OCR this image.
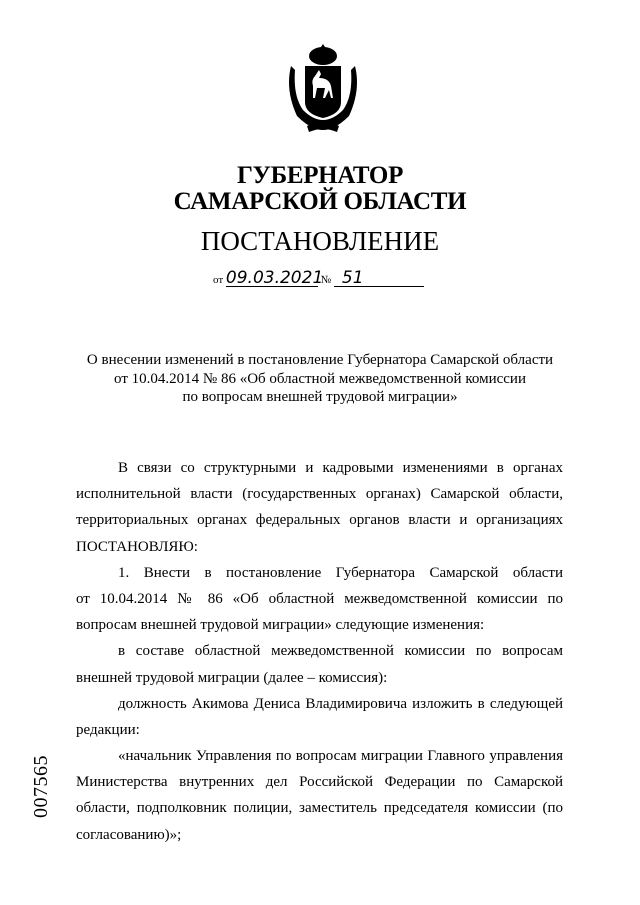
ГУБЕРНАТОР
САМАРСКОЙ ОБЛАСТИ
ПОСТАНОВЛЕНИЕ
от 09.03.2021 № 51
О внесении изменений в постановление Губернатора Самарской области
от 10.04.2014 № 86 «Об областной межведомственной комиссии
по вопросам внешней трудовой миграции»
В связи со структурными и кадровыми изменениями в органах
исполнительной власти (государственных органах) Самарской области,
территориальных органах федеральных органов власти и организациях
ПОСТАНОВЛЯЮ:
1. Внести в постановление Губернатора Самарской области
от 10.04.2014 № 86 «Об областной межведомственной комиссии по
вопросам внешней трудовой миграции» следующие изменения:
в составе областной межведомственной комиссии по вопросам
внешней трудовой миграции (далее – комиссия):
должность Акимова Дениса Владимировича изложить в следующей
редакции:
«начальник Управления по вопросам миграции Главного управления
Министерства внутренних дел Российской Федерации по Самарской
области, подполковник полиции, заместитель председателя комиссии (по
согласованию)»;
007565
